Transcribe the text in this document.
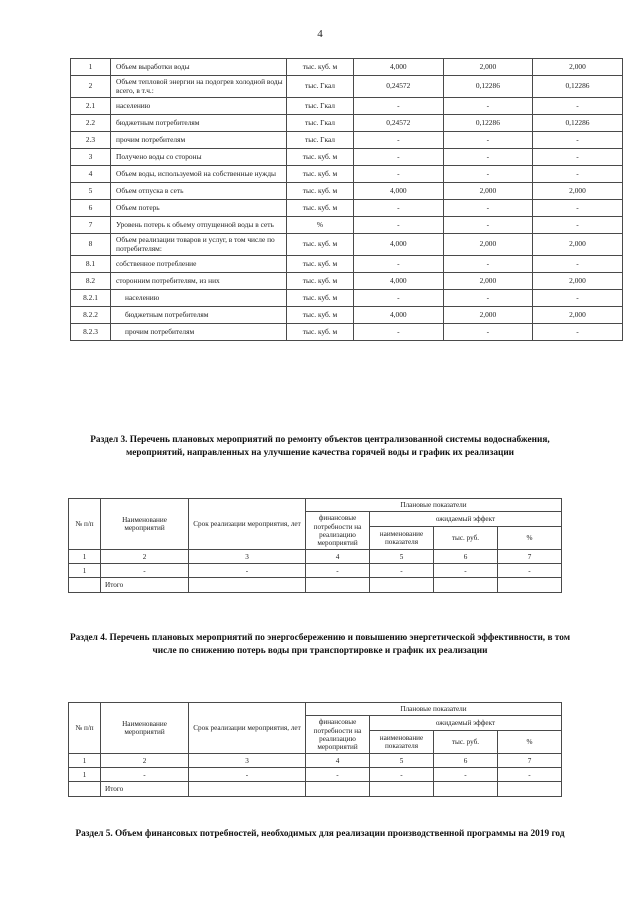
4
1	Объем выработки воды	тыс. куб. м	4,000	2,000	2,000
2	Объем тепловой энергии на подогрев холодной воды всего, в т.ч.:	тыс. Гкал	0,24572	0,12286	0,12286
2.1	населению	тыс. Гкал	-	-	-
2.2	бюджетным потребителям	тыс. Гкал	0,24572	0,12286	0,12286
2.3	прочим потребителям	тыс. Гкал	-	-	-
3	Получено воды со стороны	тыс. куб. м	-	-	-
4	Объем воды, используемой на собственные нужды	тыс. куб. м	-	-	-
5	Объем отпуска в сеть	тыс. куб. м	4,000	2,000	2,000
6	Объем потерь	тыс. куб. м	-	-	-
7	Уровень потерь к объему отпущенной воды в сеть	%	-	-	-
8	Объем реализации товаров и услуг, в том числе по потребителям:	тыс. куб. м	4,000	2,000	2,000
8.1	собственное потребление	тыс. куб. м	-	-	-
8.2	сторонним потребителям, из них	тыс. куб. м	4,000	2,000	2,000
8.2.1	населению	тыс. куб. м	-	-	-
8.2.2	бюджетным потребителям	тыс. куб. м	4,000	2,000	2,000
8.2.3	прочим потребителям	тыс. куб. м	-	-	-
Раздел 3. Перечень плановых мероприятий по ремонту объектов централизованной системы водоснабжения, мероприятий, направленных на улучшение качества горячей воды и график их реализации
№ п/п	Наименование мероприятий	Срок реализации мероприятия, лет	Плановые показатели			
			финансовые потребности на реализацию мероприятий	ожидаемый эффект		
				наименование показателя	тыс. руб.	%
1	2	3	4	5	6	7
1	-	-	-	-	-	-
	Итого					
Раздел 4. Перечень плановых мероприятий по энергосбережению и повышению энергетической эффективности, в том числе по снижению потерь воды при транспортировке и график их реализации
№ п/п	Наименование мероприятий	Срок реализации мероприятия, лет	Плановые показатели			
			финансовые потребности на реализацию мероприятий	ожидаемый эффект		
				наименование показателя	тыс. руб.	%
1	2	3	4	5	6	7
1	-	-	-	-	-	-
	Итого					
Раздел 5. Объем финансовых потребностей, необходимых для реализации производственной программы на 2019 год
